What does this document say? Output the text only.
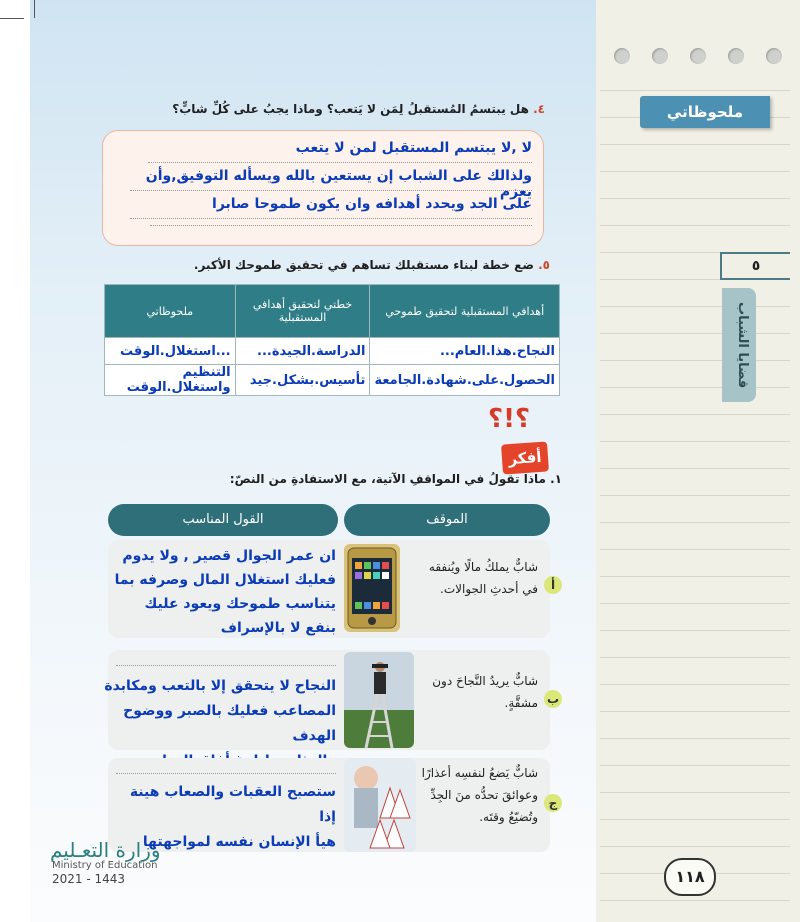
ملحوظاتي
٥
قضايا الشباب
٤. هل يبتسمُ المُستقبلُ لِمَن لا يَتعب؟ وماذا يجبُ على كُلِّ شابٍّ؟
لا ,لا يبتسم المستقبل لمن لا يتعب
ولذالك على الشباب إن يستعين بالله ويسأله التوفيق,وأن يعزم
على الجد ويحدد أهدافه وان يكون طموحا صابرا
٥. ضع خطة لبناء مستقبلك تساهم في تحقيق طموحك الأكبر.
أهدافي المستقبلية لتحقيق طموحي	خطتي لتحقيق أهدافي المستقبلية	ملحوظاتي
النجاح.هذا.العام...	الدراسة.الجيدة...	...استغلال.الوقت
الحصول.على.شهادة.الجامعة	تأسيس.بشكل.جيد	التنظيم واستغلال.الوقت
؟!؟
أفكر
١. ماذا تقولُ في المواقفِ الآتية، مع الاستفادةِ من النصّ:
الموقف
القول المناسب
أ
شابٌّ يملكُ مالًا ويُنفقه في أحدثِ الجوالات.
ان عمر الجوال قصير , ولا يدوم
فعليك استغلال المال وصرفه بما
يتناسب طموحك ويعود عليك
بنفع لا بالإسراف
ب
شابٌّ يريدُ النَّجاحَ دون مشقَّةٍ.
النجاح لا يتحقق إلا بالتعب ومكابدة
المصاعب فعليك بالصبر ووضوح الهدف
ج
شابٌّ يَضعُ لنفسِه أعذارًا وعوائقَ تحدُّه منَ الجِدِّ وتُضيّعُ وقتَه.
ستصبح العقبات والصعاب هينة إذا
هيأ الإنسان نفسه لمواجهتها
وزارة التعـليم
Ministry of Education
2021 - 1443	١١٨
